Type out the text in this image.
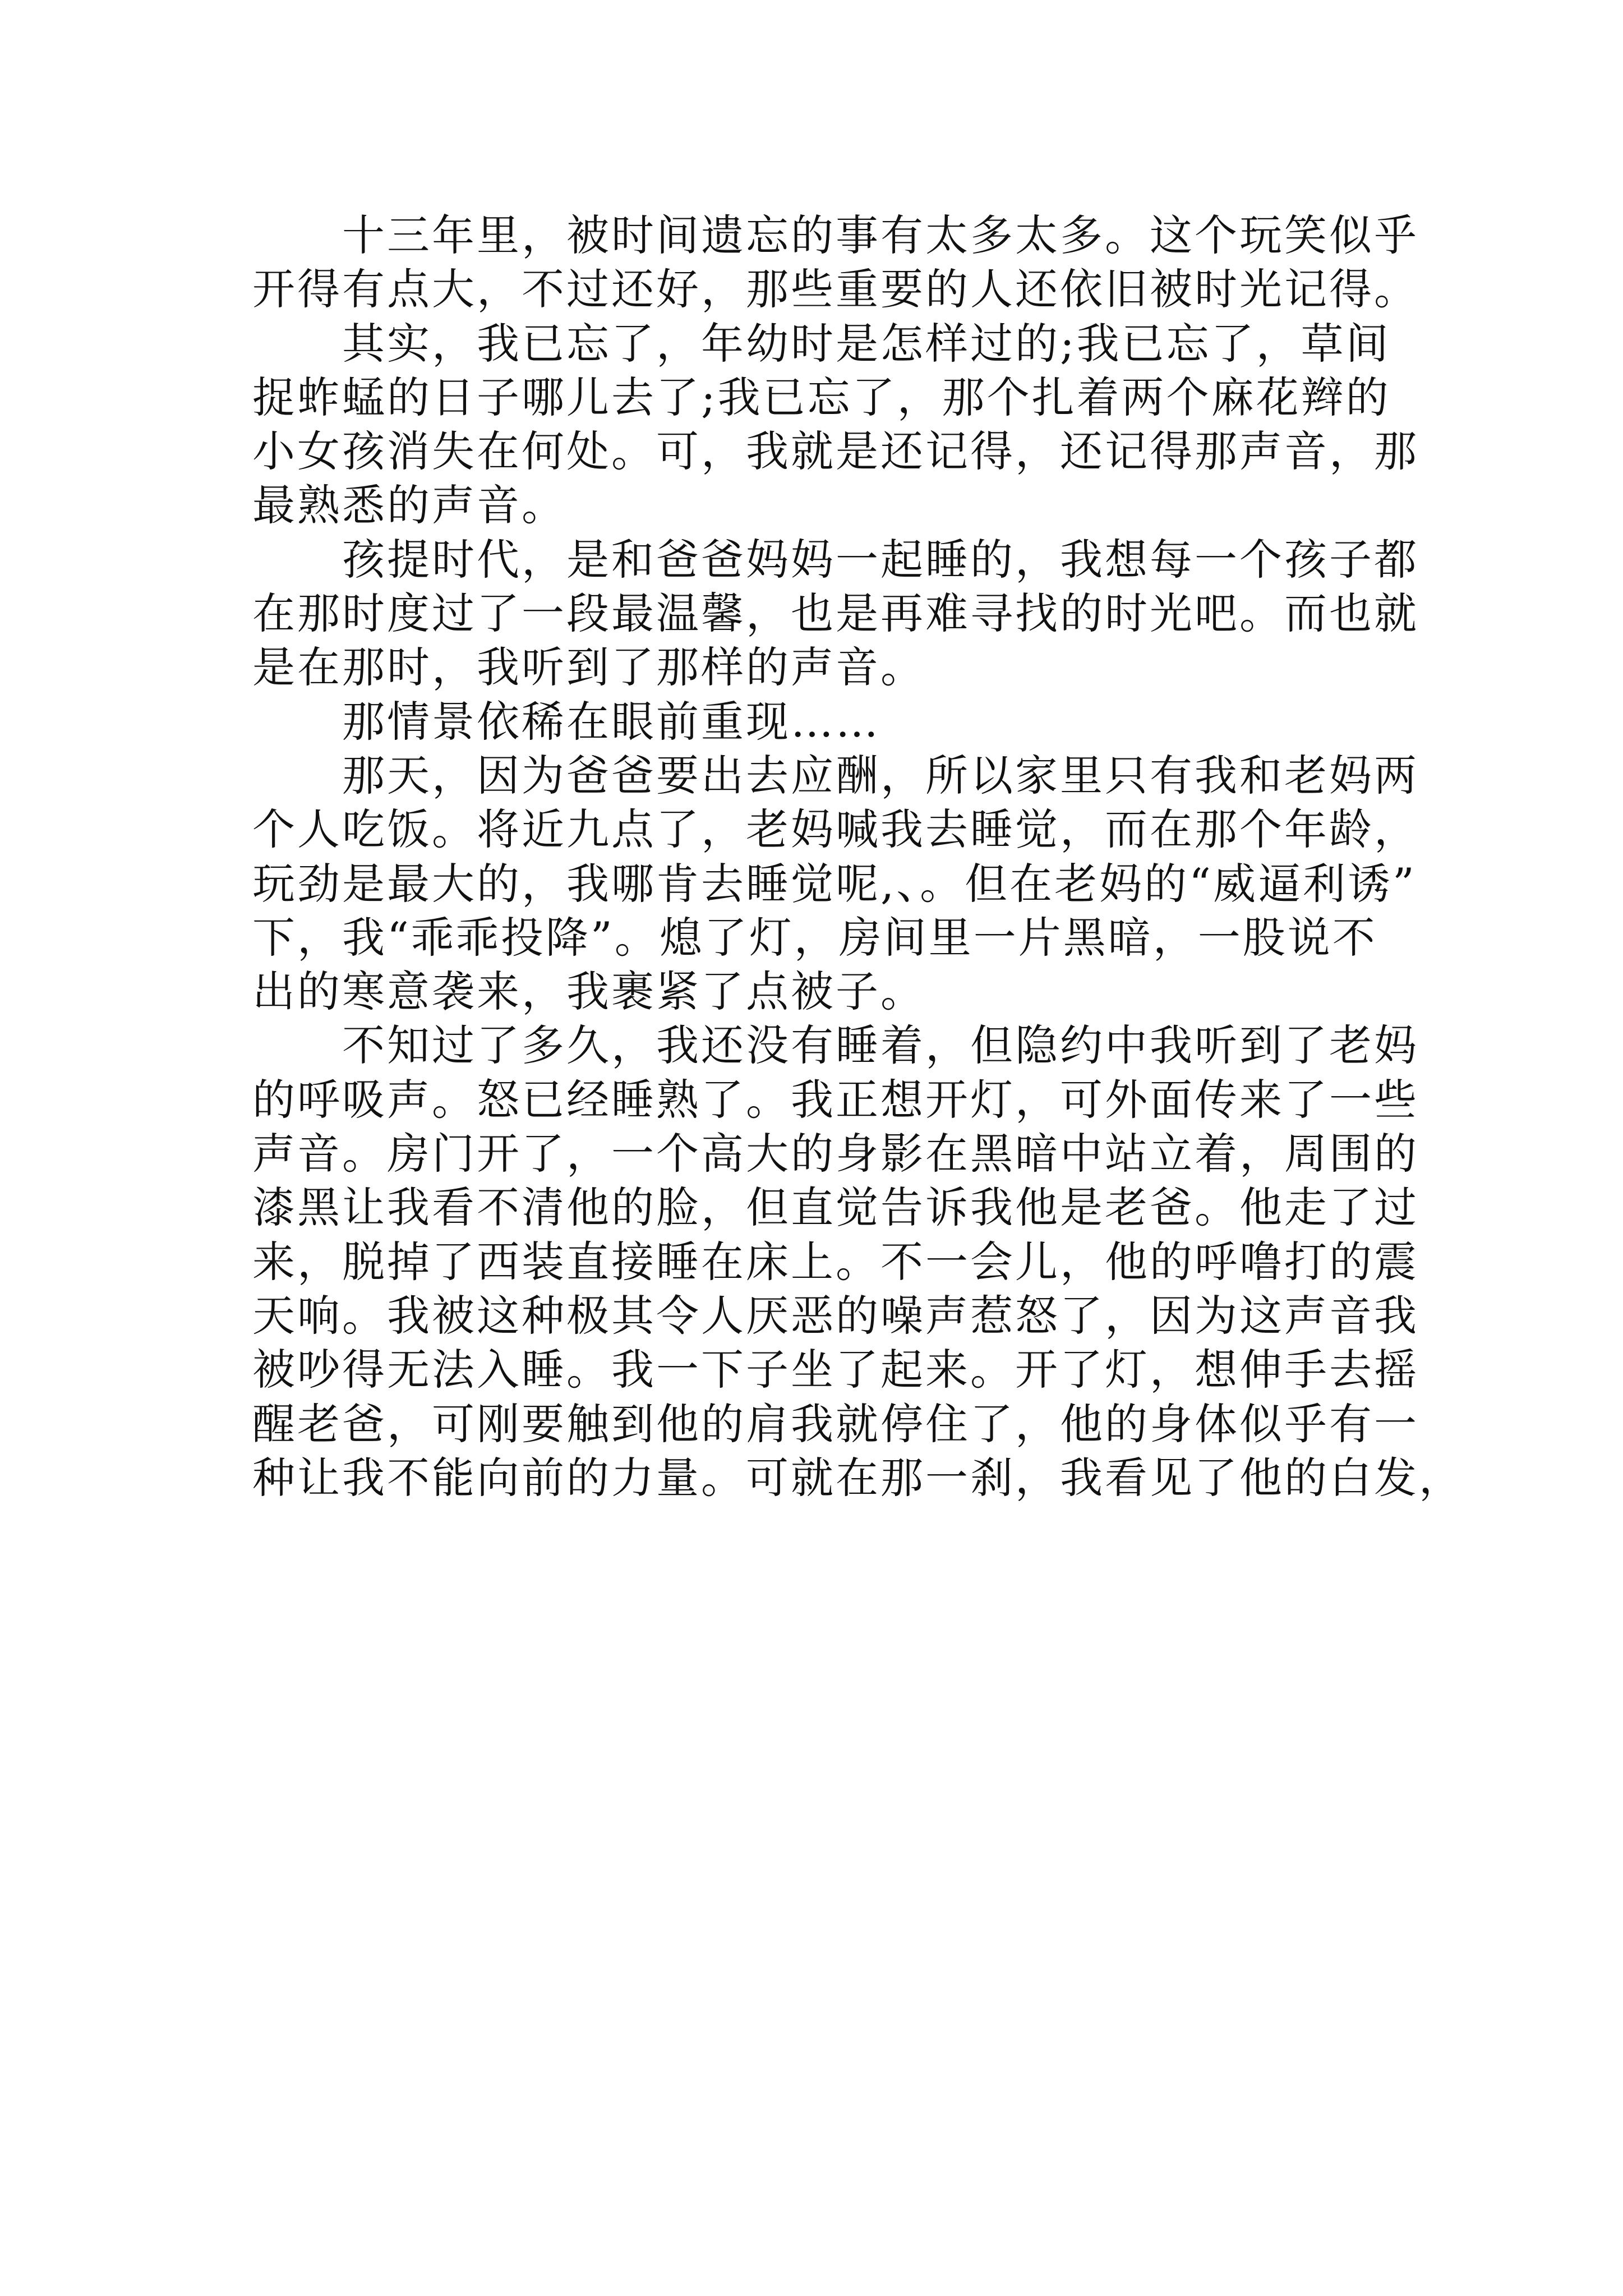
　　十三年里，被时间遗忘的事有太多太多。这个玩笑似乎
开得有点大，不过还好，那些重要的人还依旧被时光记得。
　　其实，我已忘了，年幼时是怎样过的;我已忘了，草间
捉蚱蜢的日子哪儿去了;我已忘了，那个扎着两个麻花辫的
小女孩消失在何处。可，我就是还记得，还记得那声音，那
最熟悉的声音。
　　孩提时代，是和爸爸妈妈一起睡的，我想每一个孩子都
在那时度过了一段最温馨，也是再难寻找的时光吧。而也就
是在那时，我听到了那样的声音。
　　那情景依稀在眼前重现……
　　那天，因为爸爸要出去应酬，所以家里只有我和老妈两
个人吃饭。将近九点了，老妈喊我去睡觉，而在那个年龄，
玩劲是最大的，我哪肯去睡觉呢,、。但在老妈的“威逼利诱”
下，我“乖乖投降”。熄了灯，房间里一片黑暗，一股说不
出的寒意袭来，我裹紧了点被子。
　　不知过了多久，我还没有睡着，但隐约中我听到了老妈
的呼吸声。怒已经睡熟了。我正想开灯，可外面传来了一些
声音。房门开了，一个高大的身影在黑暗中站立着，周围的
漆黑让我看不清他的脸，但直觉告诉我他是老爸。他走了过
来，脱掉了西装直接睡在床上。不一会儿，他的呼噜打的震
天响。我被这种极其令人厌恶的噪声惹怒了，因为这声音我
被吵得无法入睡。我一下子坐了起来。开了灯，想伸手去摇
醒老爸，可刚要触到他的肩我就停住了，他的身体似乎有一
种让我不能向前的力量。可就在那一刹，我看见了他的白发，
